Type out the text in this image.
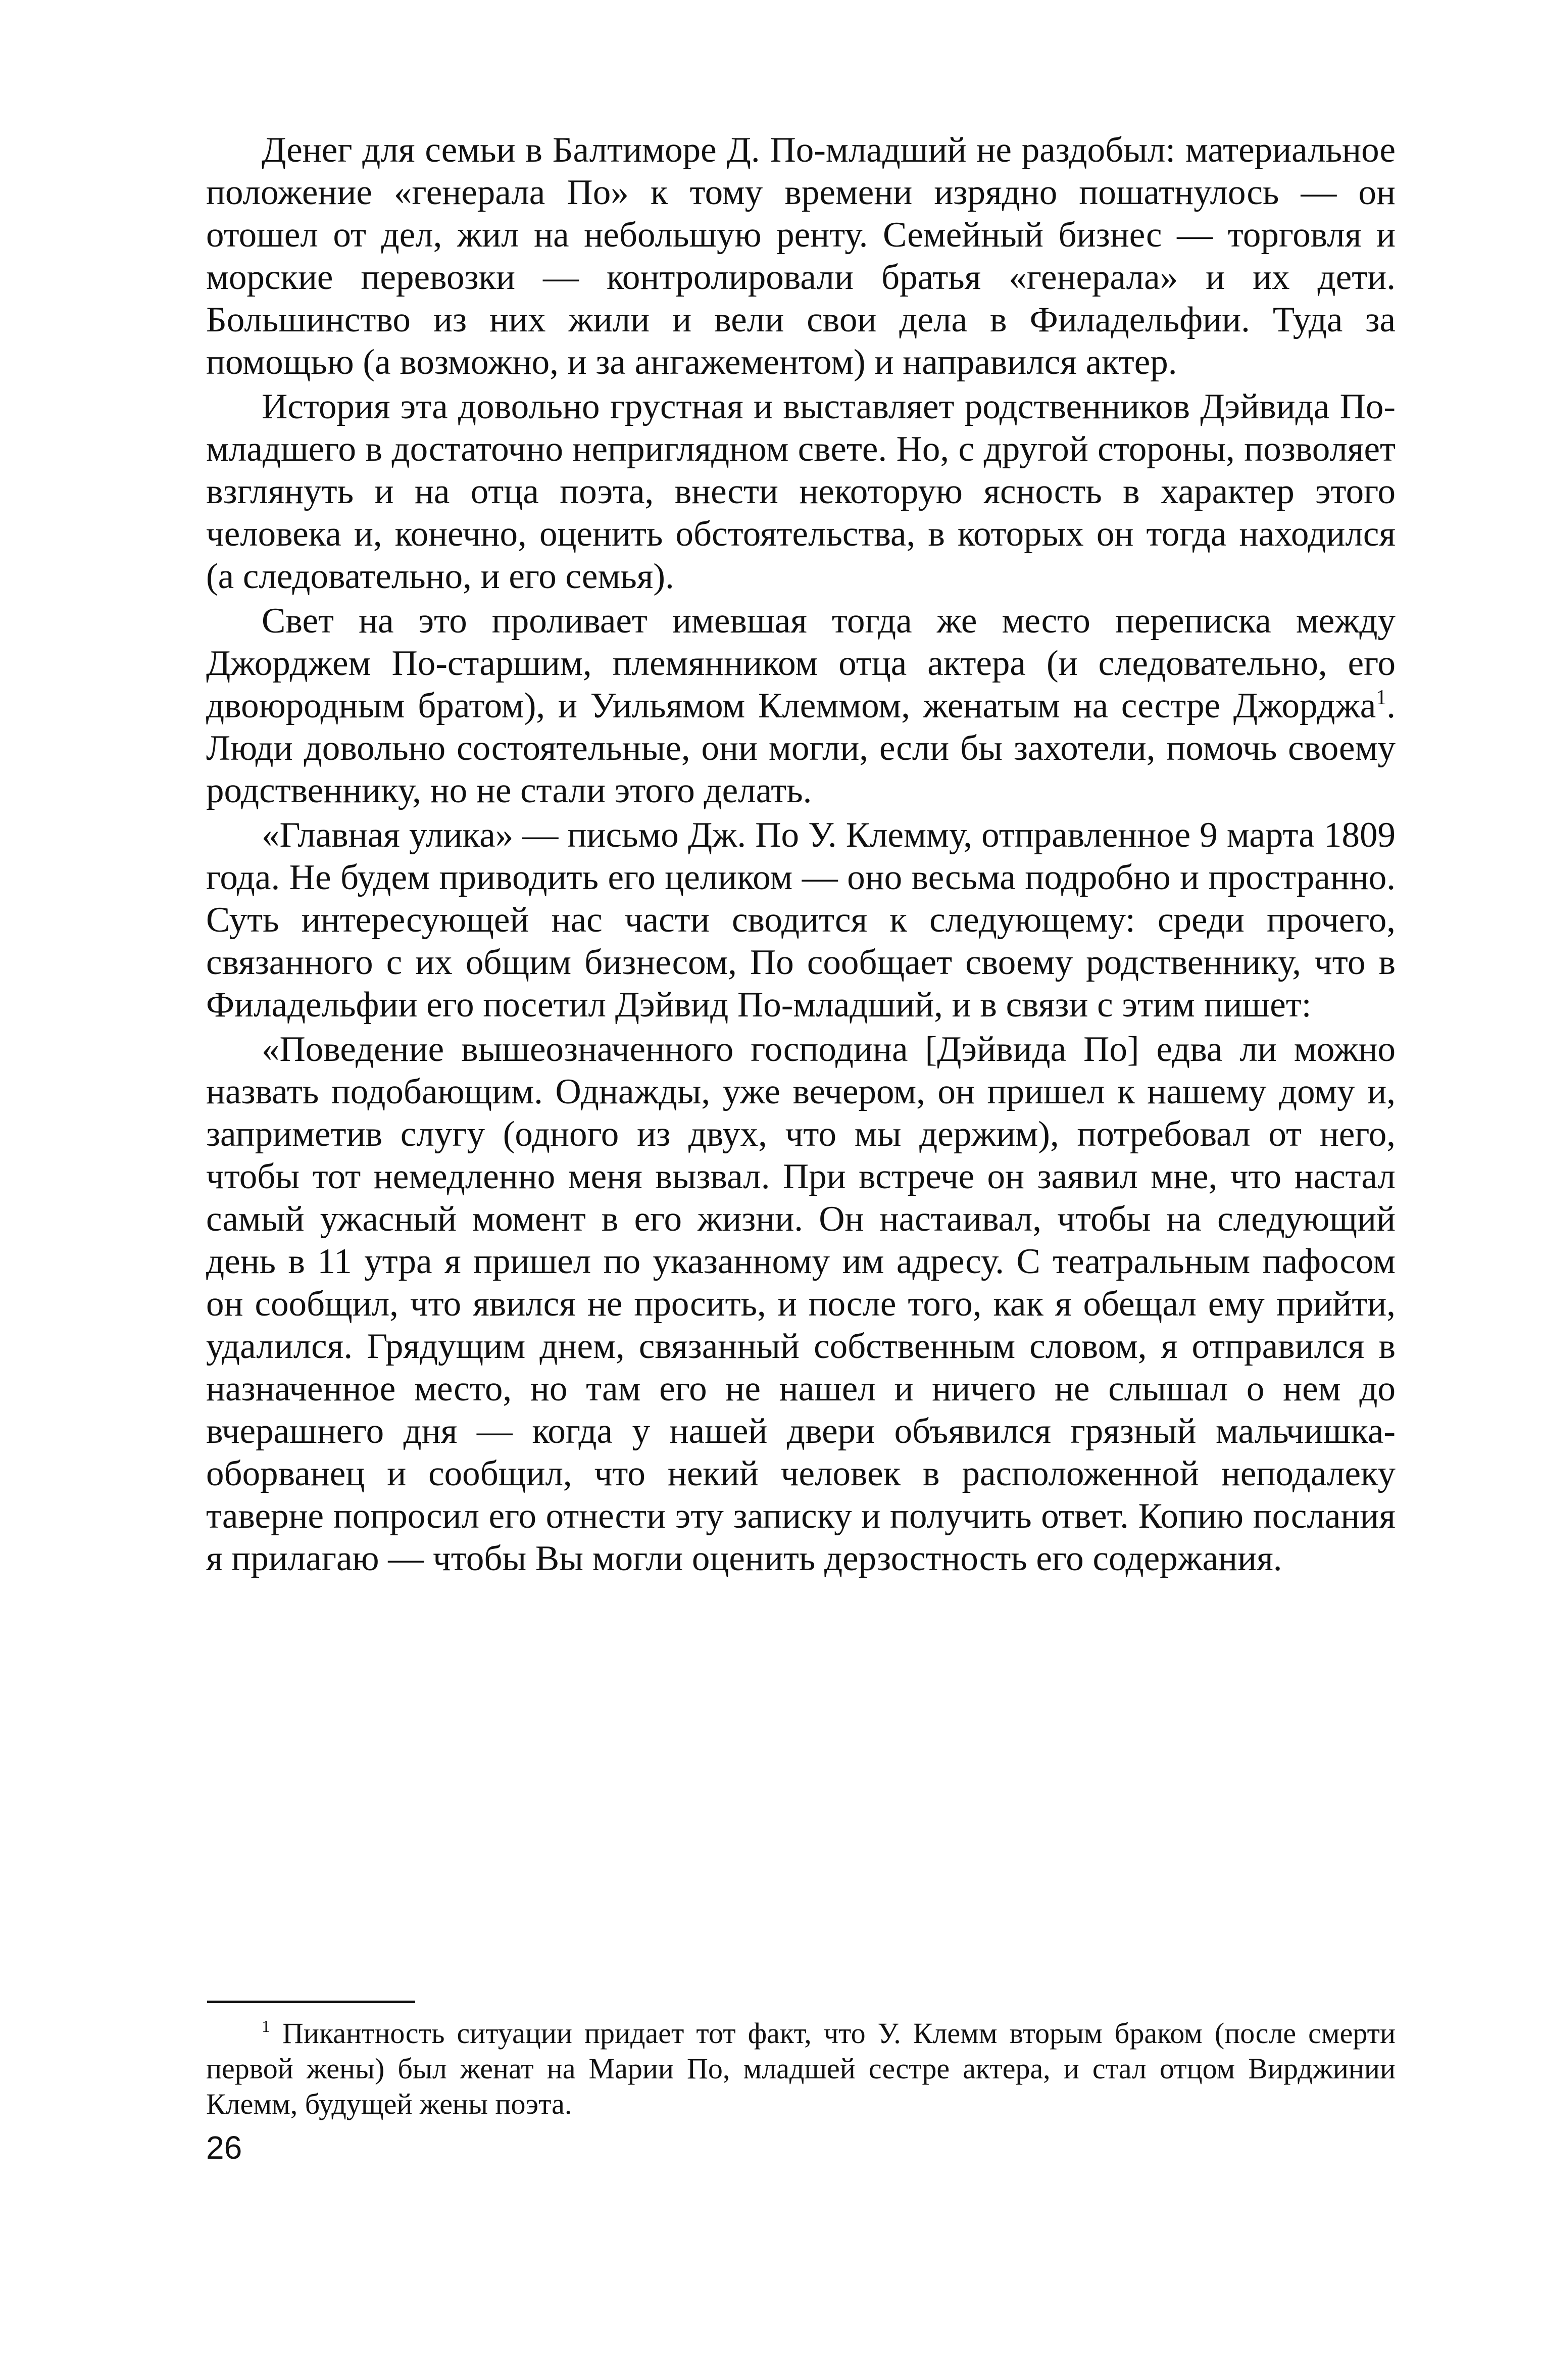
Денег для семьи в Балтиморе Д. По-младший не раздобыл: материальное положение «генерала По» к тому времени изрядно пошатнулось — он отошел от дел, жил на небольшую ренту. Семейный бизнес — торговля и морские перевозки — контролировали братья «генерала» и их дети. Большинство из них жили и вели свои дела в Филадельфии. Туда за помощью (а возможно, и за ангажементом) и направился актер.

История эта довольно грустная и выставляет родственников Дэйвида По-младшего в достаточно неприглядном свете. Но, с другой стороны, позволяет взглянуть и на отца поэта, внести некоторую ясность в характер этого человека и, конечно, оценить обстоятельства, в которых он тогда находился (а следовательно, и его семья).

Свет на это проливает имевшая тогда же место переписка между Джорджем По-старшим, племянником отца актера (и следовательно, его двоюродным братом), и Уильямом Клеммом, женатым на сестре Джорджа$^1$. Люди довольно состоятельные, они могли, если бы захотели, помочь своему родственнику, но не стали этого делать.

«Главная улика» — письмо Дж. По У. Клемму, отправленное 9 марта 1809 года. Не будем приводить его целиком — оно весьма подробно и пространно. Суть интересующей нас части сводится к следующему: среди прочего, связанного с их общим бизнесом, По сообщает своему родственнику, что в Филадельфии его посетил Дэйвид По-младший, и в связи с этим пишет:

«Поведение вышеозначенного господина [Дэйвида По] едва ли можно назвать подобающим. Однажды, уже вечером, он пришел к нашему дому и, заприметив слугу (одного из двух, что мы держим), потребовал от него, чтобы тот немедленно меня вызвал. При встрече он заявил мне, что настал самый ужасный момент в его жизни. Он настаивал, чтобы на следующий день в 11 утра я пришел по указанному им адресу. С театральным пафосом он сообщил, что явился не просить, и после того, как я обещал ему прийти, удалился. Грядущим днем, связанный собственным словом, я отправился в назначенное место, но там его не нашел и ничего не слышал о нем до вчерашнего дня — когда у нашей двери объявился грязный мальчишка-оборванец и сообщил, что некий человек в расположенной неподалеку таверне попросил его отнести эту записку и получить ответ. Копию послания я прилагаю — чтобы Вы могли оценить дерзостность его содержания.

$^1$ Пикантность ситуации придает тот факт, что У. Клемм вторым браком (после смерти первой жены) был женат на Марии По, младшей сестре актера, и стал отцом Вирджинии Клемм, будущей жены поэта.

26
